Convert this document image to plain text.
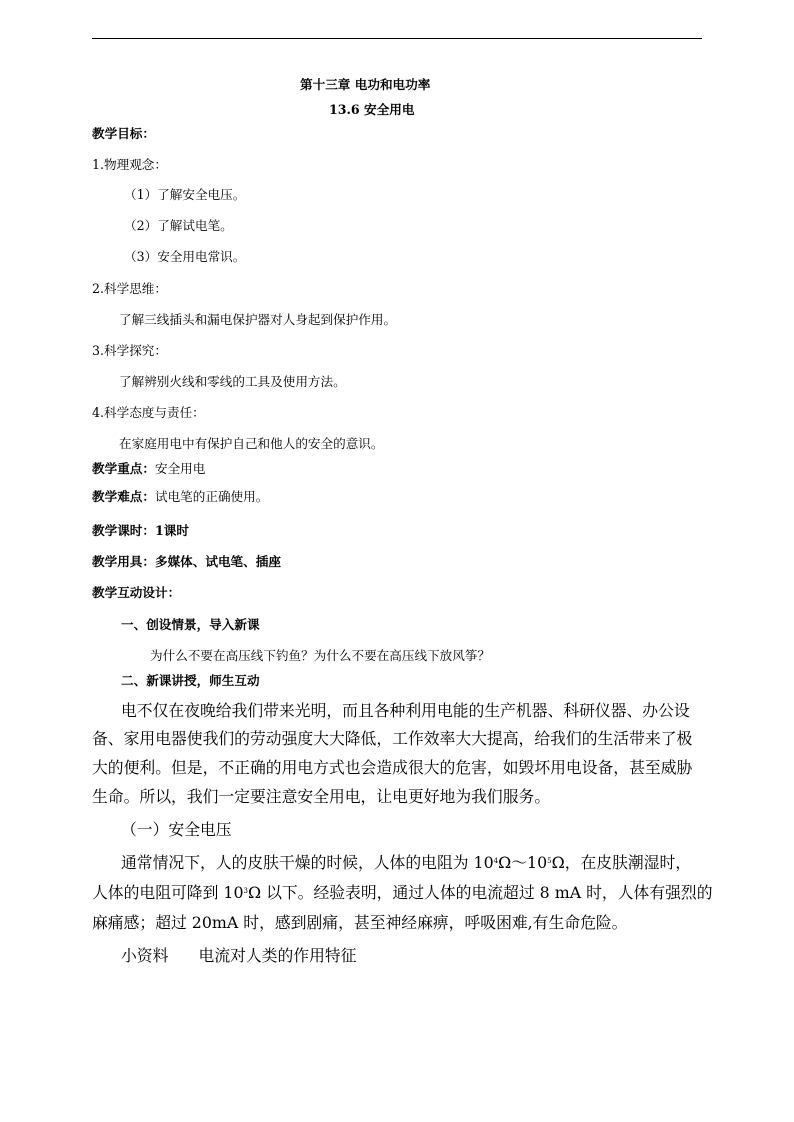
第十三章 电功和电功率
13.6 安全用电
教学目标：
1.物理观念：
（1）了解安全电压。
（2）了解试电笔。
（3）安全用电常识。
2.科学思维：
了解三线插头和漏电保护器对人身起到保护作用。
3.科学探究：
了解辨别火线和零线的工具及使用方法。
4.科学态度与责任：
在家庭用电中有保护自己和他人的安全的意识。
教学重点：安全用电
教学难点：试电笔的正确使用。
教学课时：1课时
教学用具：多媒体、试电笔、插座
教学互动设计：
一、创设情景，导入新课
为什么不要在高压线下钓鱼？为什么不要在高压线下放风筝？
二、新课讲授，师生互动
电不仅在夜晚给我们带来光明，而且各种利用电能的生产机器、科研仪器、办公设
备、家用电器使我们的劳动强度大大降低，工作效率大大提高，给我们的生活带来了极
大的便利。但是，不正确的用电方式也会造成很大的危害，如毁坏用电设备，甚至威胁
生命。所以，我们一定要注意安全用电，让电更好地为我们服务。
（一）安全电压
通常情况下，人的皮肤干燥的时候，人体的电阻为 $10^4\Omega\sim 10^5\Omega$，在皮肤潮湿时，
人体的电阻可降到 $10^3\Omega$ 以下。经验表明，通过人体的电流超过 8 mA 时，人体有强烈的
麻痛感；超过 20mA 时，感到剧痛，甚至神经麻痹，呼吸困难,有生命危险。
小资料      电流对人类的作用特征
